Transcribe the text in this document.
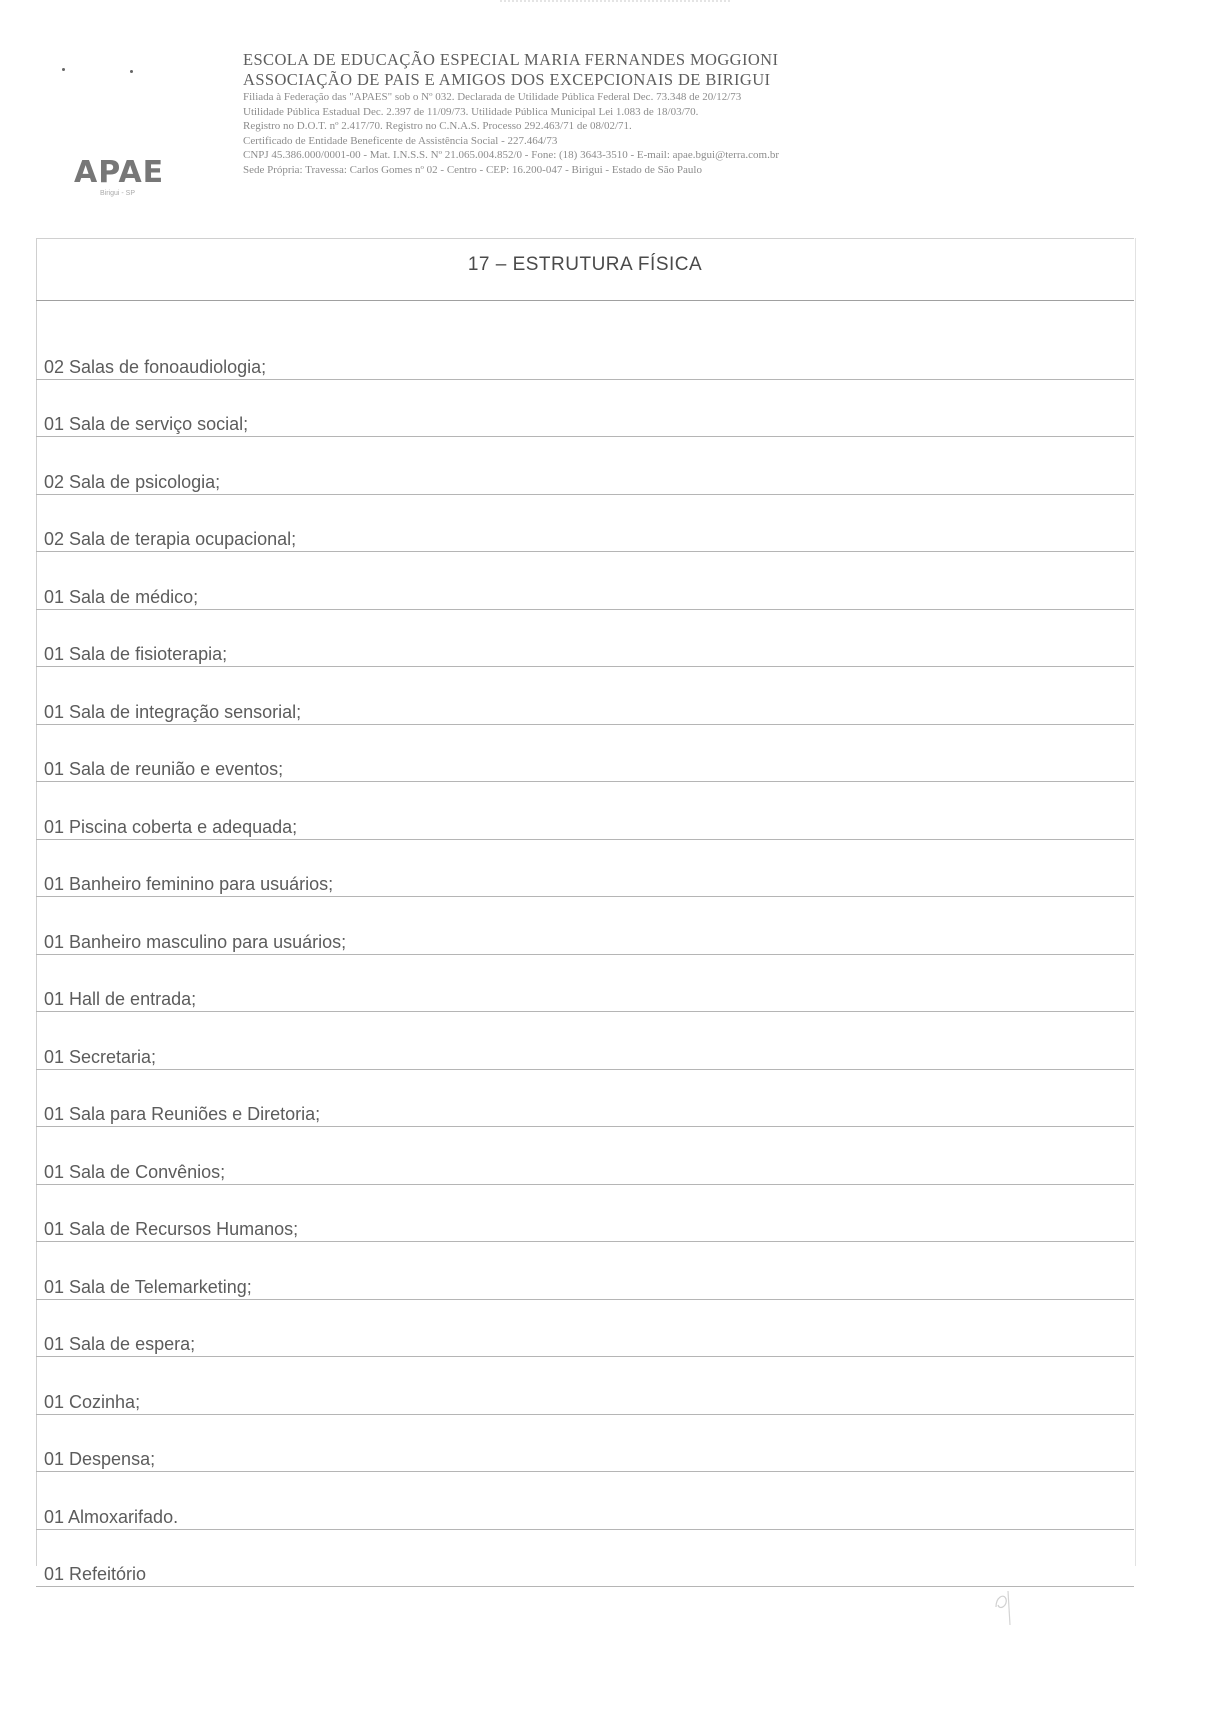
APAE
Birigui - SP
ESCOLA DE EDUCAÇÃO ESPECIAL MARIA FERNANDES MOGGIONI
ASSOCIAÇÃO DE PAIS E AMIGOS DOS EXCEPCIONAIS DE BIRIGUI
Filiada à Federação das "APAES" sob o Nº 032. Declarada de Utilidade Pública Federal Dec. 73.348 de 20/12/73
Utilidade Pública Estadual Dec. 2.397 de 11/09/73. Utilidade Pública Municipal Lei 1.083 de 18/03/70.
Registro no D.O.T. nº 2.417/70. Registro no C.N.A.S. Processo 292.463/71 de 08/02/71.
Certificado de Entidade Beneficente de Assistência Social - 227.464/73
CNPJ 45.386.000/0001-00 - Mat. I.N.S.S. Nº 21.065.004.852/0 - Fone: (18) 3643-3510 - E-mail: apae.bgui@terra.com.br
Sede Própria: Travessa: Carlos Gomes nº 02 - Centro - CEP: 16.200-047 - Birigui - Estado de São Paulo
17 – ESTRUTURA FÍSICA
02 Salas de fonoaudiologia;
01 Sala de serviço social;
02 Sala de psicologia;
02 Sala de terapia ocupacional;
01 Sala de médico;
01 Sala de fisioterapia;
01 Sala de integração sensorial;
01 Sala de reunião e eventos;
01 Piscina coberta e adequada;
01 Banheiro feminino para usuários;
01 Banheiro masculino para usuários;
01 Hall de entrada;
01 Secretaria;
01 Sala para Reuniões e Diretoria;
01 Sala de Convênios;
01 Sala de Recursos Humanos;
01 Sala de Telemarketing;
01 Sala de espera;
01 Cozinha;
01 Despensa;
01 Almoxarifado.
01 Refeitório
